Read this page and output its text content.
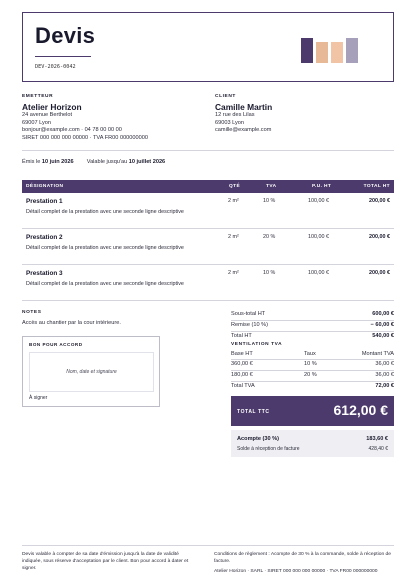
Devis
DEV-2026-0042
EMETTEUR
Atelier Horizon
24 avenue Berthelot
69007 Lyon
bonjour@example.com · 04 78 00 00 00
SIRET 000 000 000 00000 · TVA FR00 000000000
CLIENT
Camille Martin
12 rue des Lilas
69003 Lyon
camille@example.com
Émis le 10 juin 2026 Valable jusqu'au 10 juillet 2026
DÉSIGNATION	QTÉ	TVA	P.U. HT	TOTAL HT
Prestation 1
Détail complet de la prestation avec une seconde ligne descriptive
2 m²	10 %	100,00 €	200,00 €
Prestation 2
Détail complet de la prestation avec une seconde ligne descriptive
2 m²	20 %	100,00 €	200,00 €
Prestation 3
Détail complet de la prestation avec une seconde ligne descriptive
2 m²	10 %	100,00 €	200,00 €
NOTES
Accès au chantier par la cour intérieure.
BON POUR ACCORD
Nom, date et signature
À signer
Sous-total HT	600,00 €
Remise (10 %)	− 60,00 €
Total HT	540,00 €
VENTILATION TVA
Base HT	Taux	Montant TVA
360,00 €	10 %	36,00 €
180,00 €	20 %	36,00 €
Total TVA	72,00 €
TOTAL TTC	612,00 €
Acompte (30 %)	183,60 €
Solde à réception de facture	428,40 €
Devis valable à compter de sa date d'émission jusqu'à la date de validité indiquée, sous réserve d'acceptation par le client. Bon pour accord à dater et signer.
Conditions de règlement : Acompte de 30 % à la commande, solde à réception de facture.
Atelier Horizon · SARL · SIRET 000 000 000 00000 · TVA FR00 000000000
